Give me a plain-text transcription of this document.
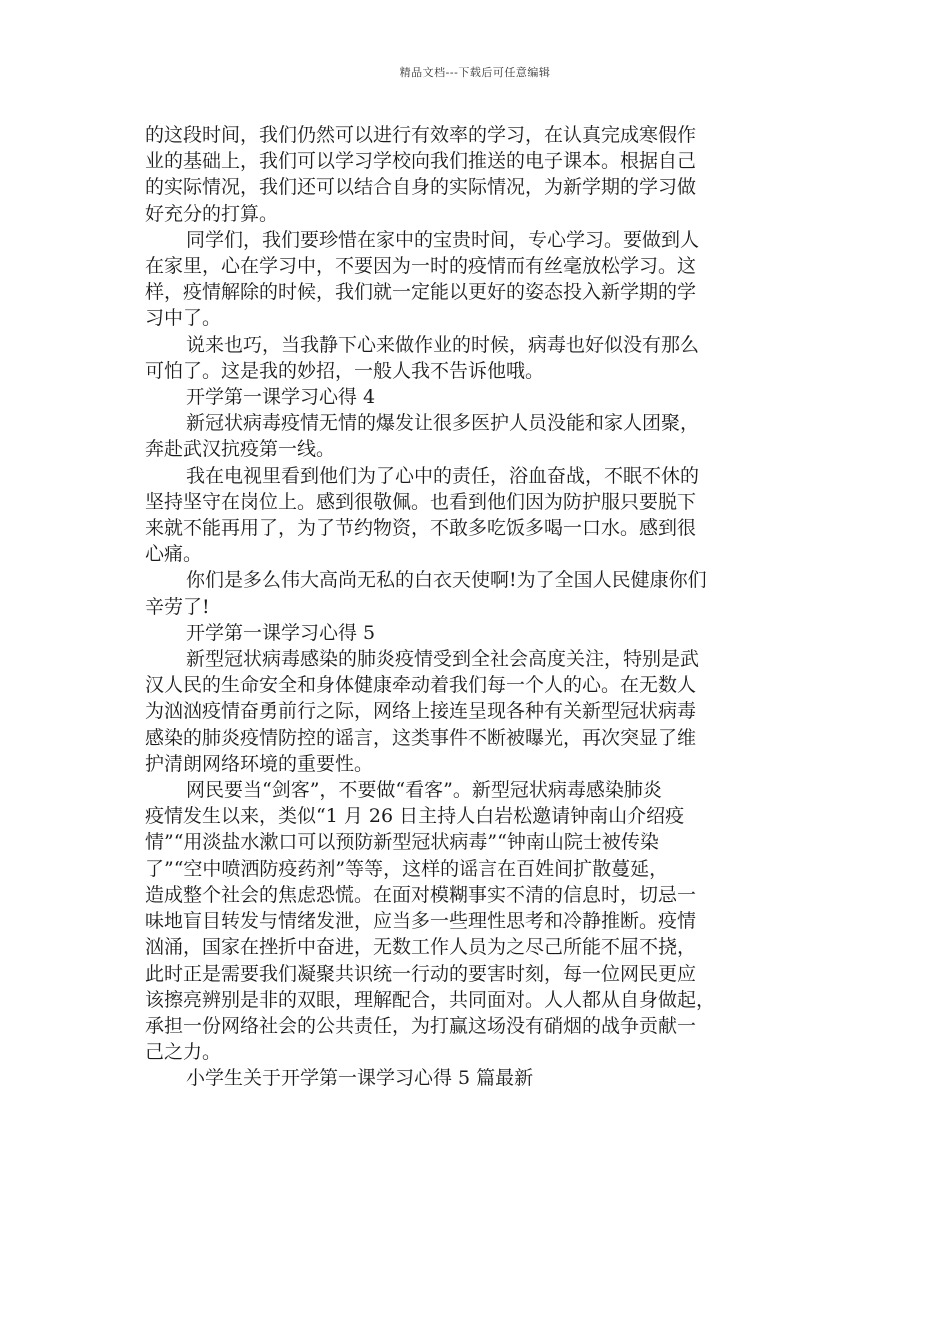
精品文档---下载后可任意编辑

的这段时间，我们仍然可以进行有效率的学习，在认真完成寒假作
业的基础上，我们可以学习学校向我们推送的电子课本。根据自己
的实际情况，我们还可以结合自身的实际情况，为新学期的学习做
好充分的打算。

同学们，我们要珍惜在家中的宝贵时间，专心学习。要做到人
在家里，心在学习中，不要因为一时的疫情而有丝毫放松学习。这
样，疫情解除的时候，我们就一定能以更好的姿态投入新学期的学
习中了。

说来也巧，当我静下心来做作业的时候，病毒也好似没有那么
可怕了。这是我的妙招，一般人我不告诉他哦。

开学第一课学习心得 4

新冠状病毒疫情无情的爆发让很多医护人员没能和家人团聚，
奔赴武汉抗疫第一线。

我在电视里看到他们为了心中的责任，浴血奋战，不眠不休的
坚持坚守在岗位上。感到很敬佩。也看到他们因为防护服只要脱下
来就不能再用了，为了节约物资，不敢多吃饭多喝一口水。感到很
心痛。

你们是多么伟大高尚无私的白衣天使啊!为了全国人民健康你们
辛劳了!

开学第一课学习心得 5

新型冠状病毒感染的肺炎疫情受到全社会高度关注，特别是武
汉人民的生命安全和身体健康牵动着我们每一个人的心。在无数人
为汹汹疫情奋勇前行之际，网络上接连呈现各种有关新型冠状病毒
感染的肺炎疫情防控的谣言，这类事件不断被曝光，再次突显了维
护清朗网络环境的重要性。

网民要当“剑客”，不要做“看客”。新型冠状病毒感染肺炎
疫情发生以来，类似“1 月 26 日主持人白岩松邀请钟南山介绍疫
情”“用淡盐水漱口可以预防新型冠状病毒”“钟南山院士被传染
了”“空中喷洒防疫药剂”等等，这样的谣言在百姓间扩散蔓延，
造成整个社会的焦虑恐慌。在面对模糊事实不清的信息时，切忌一
味地盲目转发与情绪发泄，应当多一些理性思考和冷静推断。疫情
汹涌，国家在挫折中奋进，无数工作人员为之尽己所能不屈不挠，
此时正是需要我们凝聚共识统一行动的要害时刻，每一位网民更应
该擦亮辨别是非的双眼，理解配合，共同面对。人人都从自身做起，
承担一份网络社会的公共责任，为打赢这场没有硝烟的战争贡献一
己之力。

小学生关于开学第一课学习心得 5 篇最新
